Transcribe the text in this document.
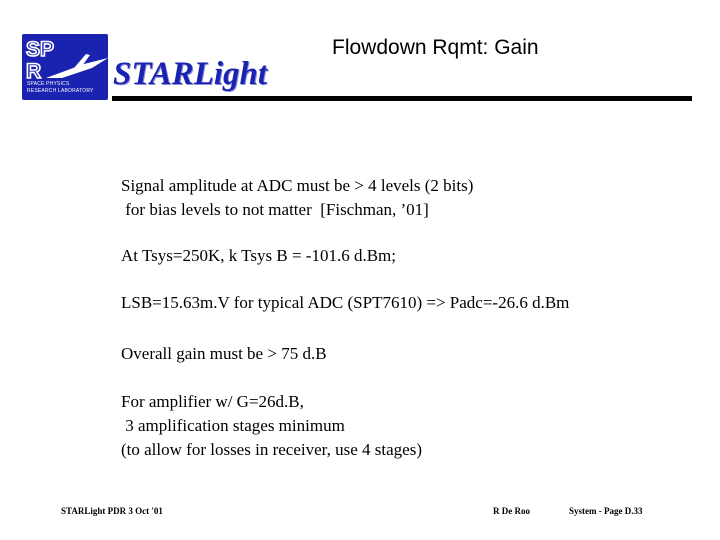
SP
R
SPACE PHYSICS
RESEARCH LABORATORY STARLight
Flowdown Rqmt: Gain
Signal amplitude at ADC must be > 4 levels (2 bits)
for bias levels to not matter  [Fischman, ’01]
At Tsys=250K, k Tsys B = -101.6 d.Bm;
LSB=15.63m.V for typical ADC (SPT7610) => Padc=-26.6 d.Bm
Overall gain must be > 75 d.B
For amplifier w/ G=26d.B,
3 amplification stages minimum
(to allow for losses in receiver, use 4 stages)
STARLight PDR 3 Oct '01	R De Roo	System - Page D.33
